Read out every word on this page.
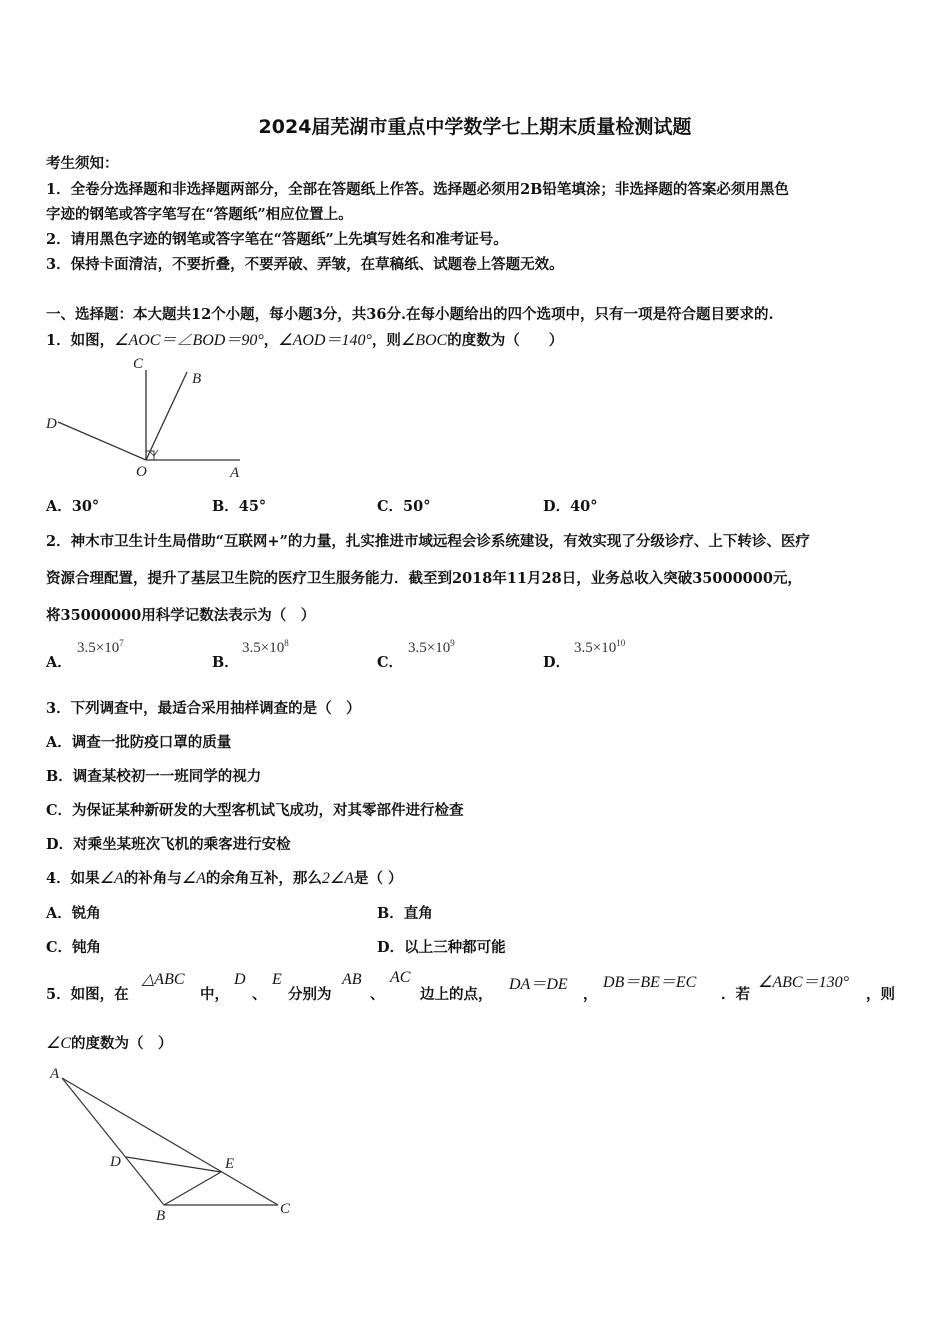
2024届芜湖市重点中学数学七上期末质量检测试题
考生须知：
1．全卷分选择题和非选择题两部分，全部在答题纸上作答。选择题必须用2B铅笔填涂；非选择题的答案必须用黑色
字迹的钢笔或答字笔写在“答题纸”相应位置上。
2．请用黑色字迹的钢笔或答字笔在“答题纸”上先填写姓名和准考证号。
3．保持卡面清洁，不要折叠，不要弄破、弄皱，在草稿纸、试题卷上答题无效。
一、选择题：本大题共12个小题，每小题3分，共36分.在每小题给出的四个选项中，只有一项是符合题目要求的.
1．如图，∠AOC＝∠BOD＝90°，∠AOD＝140°，则∠BOC的度数为（　　）
C
B
D
O	A
A．30°	B．45°	C．50°	D．40°
2．神木市卫生计生局借助“互联网+”的力量，扎实推进市域远程会诊系统建设，有效实现了分级诊疗、上下转诊、医疗
资源合理配置，提升了基层卫生院的医疗卫生服务能力．截至到2018年11月28日，业务总收入突破35000000元，
将35000000用科学记数法表示为（　）
A．
$3.5\times 10^7$
B．
$3.5\times 10^8$
C．
$3.5\times 10^9$
D．
$3.5\times 10^{10}$
3．下列调查中，最适合采用抽样调查的是（　）
A．调查一批防疫口罩的质量
B．调查某校初一一班同学的视力
C．为保证某种新研发的大型客机试飞成功，对其零部件进行检查
D．对乘坐某班次飞机的乘客进行安检
4．如果∠A的补角与∠A的余角互补，那么2∠A是（ ）
A．锐角	B．直角
C．钝角	D．以上三种都可能
5．如图，在
△ABC
中，
D
、
E
分别为
AB
、
AC
边上的点，
DA＝DE
，
DB＝BE＝EC
．若
∠ABC＝130°
，则
∠C的度数为（　）
A
D	E
B	C
